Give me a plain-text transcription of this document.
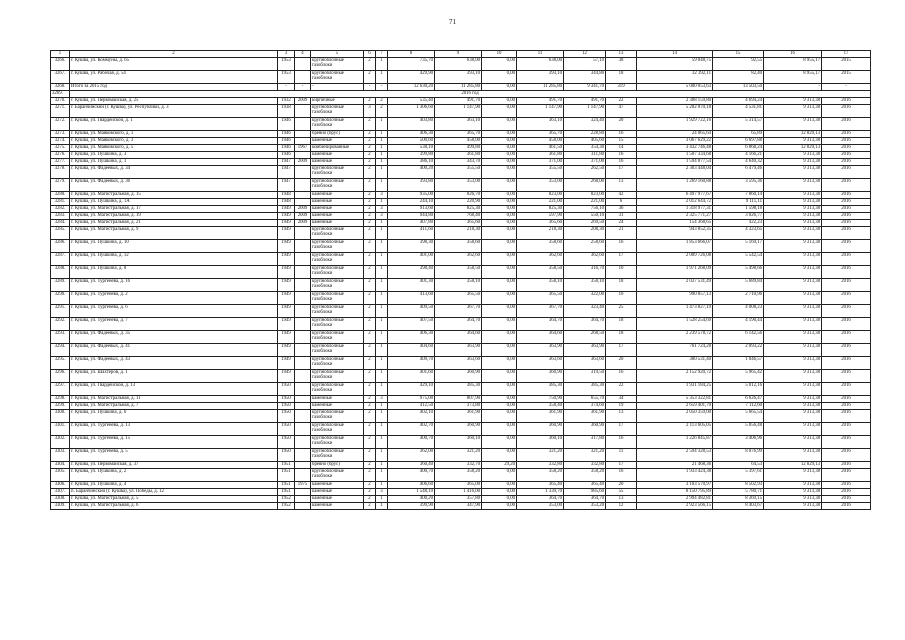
71
1	2	3	4	5	6	7	8	9	10	11	12	13	14	15	16	17
3266.	г. Кушва, ул. Коммуны, д. 65	1953		крупноблочные газоблоки	2	1	735,70	638,00	0,00	638,00	57,10	38	59 048,75	92,55	8 955,17	2015
3267.	г. Кушва, ул. Рабочая, д. 54	1953		крупноблочные газоблоки	2	1	429,90	393,10	0,00	393,10	344,80	18	32 392,11	82,40	8 955,17	2015
3268.	Итого за 2015 год	-	-	-	-	-	12 630,20	11 285,80	0,00	11 285,80	9 341,70	319	5 000 053,63	13 503,50	-	-
3269.	2016 год															
3270.	г. Кушва, ул. Первомайская, д. 25	1932	2009	кирпичные	2	2	535,40	491,70	0,00	491,70	491,70	22	2 308 159,80	4 694,24	9 313,38	2016
3271.	г. Баранчинский (г. Кушва), ул. Республики, д. 3	1938		крупноблочные газоблоки	3	2	1 306,60	1 147,90	0,00	1 147,90	1 147,90	47	5 202 070,18	4 531,81	9 313,38	2016
3272.	г. Кушва, ул. Гвардейской, д. 1	1946		крупноблочные газоблоки	2	1	403,80	363,10	0,00	363,10	324,40	20	1 929 722,16	5 314,57	9 313,38	2016
3273.	г. Кушва, ул. Маяковского, д. 1	1946		бревно (брус)	2	1	406,30	365,70	0,00	365,70	228,80	16	24 065,64	65,89	12 829,13	2016
3274.	г. Кушва, ул. Маяковского, д. 3	1946		каменные	2	1	500,60	458,00	0,00	458,00	405,60	15	3 067 629,22	6 697,88	9 313,38	2016
3275.	г. Кушва, ул. Маяковского, д. 5	1946	1967	комбинированные	2	1	538,10	499,80	0,00	461,50	354,30	14	3 432 746,48	6 868,24	12 829,13	2016
3276.	г. Кушва, ул. Пушкина, д. 3	1946		каменные	2	1	399,80	361,80	0,00	361,80	311,80	16	1 507 334,68	4 166,21	9 313,38	2016
3277.	г. Кушва, ул. Пушкина, д. 1	1947	2009	каменные	2	1	386,10	343,70	0,00	371,00	371,00	16	1 594 877,54	4 640,32	9 313,38	2016
3278.	г. Кушва, ул. Фадеевых, д. 34	1947		крупноблочные газоблоки	2	1	400,20	355,50	0,00	355,50	262,50	17	2 303 448,04	6 479,46	9 313,38	2016
3279.	г. Кушва, ул. Фадеевых, д. 36	1947		крупноблочные газоблоки	2	1	393,80	353,00	0,00	353,00	268,00	13	1 269 160,88	3 595,36	9 313,38	2016
3280.	г. Кушва, ул. Магистральная, д. 15	1948		каменные	2	3	935,00	826,70	0,00	823,00	823,00	42	6 497 977,67	7 860,14	9 313,38	2016
3281.	г. Кушва, ул. Пушкина, д. 1А	1948		каменные	2	1	244,10	220,90	0,00	221,00	221,00	6	2 012 644,72	9 111,11	9 313,38	2016
3282.	г. Кушва, ул. Магистральная, д. 17	1949	2009	каменные	2	3	913,60	825,30	0,00	825,30	756,10	36	1 318 977,31	1 598,18	9 313,38	2016
3283.	г. Кушва, ул. Магистральная, д. 19	1949	2009	каменные	2	3	944,80	768,40	0,00	597,90	550,10	31	2 325 771,27	3 026,77	9 313,38	2016
3284.	г. Кушва, ул. Магистральная, д. 21	1949	2009	каменные	2	1	407,80	365,60	0,00	365,60	269,50	24	154 368,65	422,23	9 313,38	2016
3285.	г. Кушва, ул. Магистральная, д. 9	1949		крупноблочные газоблоки	2	1	411,60	218,30	0,00	218,30	208,30	21	943 852,35	4 323,65	9 313,38	2016
3286.	г. Кушва, ул. Пушкина, д. 10	1949		крупноблочные газоблоки	2	1	398,30	358,60	0,00	358,60	258,60	16	1 853 666,07	5 169,17	9 313,38	2016
3287.	г. Кушва, ул. Пушкина, д. 12	1949		крупноблочные газоблоки	2	1	401,00	362,60	0,00	362,60	362,60	17	2 009 726,08	5 542,54	9 313,38	2016
3288.	г. Кушва, ул. Пушкина, д. 8	1949		крупноблочные газоблоки	2	1	398,40	358,50	0,00	358,50	316,70	10	1 971 268,09	5 498,66	9 313,38	2016
3289.	г. Кушва, ул. Тургенева, д. 16	1949		крупноблочные газоблоки	2	1	401,30	358,10	0,00	358,10	358,10	18	2 037 531,49	5 689,84	9 313,38	2016
3290.	г. Кушва, ул. Тургенева, д. 2	1949		крупноблочные газоблоки	2	1	413,60	365,50	0,00	365,50	322,00	10	990 857,13	2 710,96	9 313,38	2016
3291.	г. Кушва, ул. Тургенева, д. 6	1949		крупноблочные газоблоки	2	1	409,50	367,70	0,00	367,70	323,40	25	1 473 827,19	4 008,23	9 313,38	2016
3292.	г. Кушва, ул. Тургенева, д. 7	1949		крупноблочные газоблоки	2	1	407,50	364,70	0,00	364,70	364,70	18	1 528 254,69	4 190,44	9 313,38	2016
3293.	г. Кушва, ул. Фадеевых, д. 35	1949		крупноблочные газоблоки	2	1	406,30	364,60	0,00	364,60	268,50	18	2 239 578,72	6 142,56	9 313,38	2016
3294.	г. Кушва, ул. Фадеевых, д. 41	1949		крупноблочные газоблоки	2	1	404,60	363,90	0,00	363,90	363,90	17	761 724,28	2 093,22	9 313,38	2016
3295.	г. Кушва, ул. Фадеевых, д. 43	1949		крупноблочные газоблоки	2	1	409,70	363,60	0,00	363,60	363,60	20	380 531,40	1 046,57	9 313,38	2016
3296.	г. Кушва, ул. Шахтеров, д. 1	1949		крупноблочные газоблоки	2	1	401,60	360,90	0,00	360,90	319,50	16	2 152 920,72	5 965,42	9 313,38	2016
3297.	г. Кушва, ул. Гвардейской, д. 13	1950		крупноблочные газоблоки	2	1	429,10	385,30	0,00	385,30	385,30	22	1 931 184,25	5 012,16	9 313,38	2016
3298.	г. Кушва, ул. Магистральная, д. 11	1950		каменные	2	3	975,00	807,90	0,00	750,90	655,70	34	5 353 322,81	6 626,47	9 313,38	2016
3299.	г. Кушва, ул. Магистральная, д. 7	1950		каменные	2	1	412,50	373,80	0,00	358,40	374,60	19	2 659 401,70	7 112,60	9 313,38	2016
3300.	г. Кушва, ул. Пушкина, д. 6	1950		крупноблочные газоблоки	2	1	402,10	361,90	0,00	361,90	361,90	13	2 050 359,00	5 665,54	9 313,38	2016
3301.	г. Кушва, ул. Тургенева, д. 13	1950		крупноблочные газоблоки	2	1	402,70	360,90	0,00	360,90	360,90	17	2 113 605,05	5 856,48	9 313,38	2016
3302.	г. Кушва, ул. Тургенева, д. 15	1950		крупноблочные газоблоки	2	1	400,70	360,10	0,00	360,10	317,80	16	1 226 845,87	3 406,96	9 313,38	2016
3303.	г. Кушва, ул. Тургенева, д. 5	1950		крупноблочные газоблоки	2	1	362,00	321,20	0,00	321,20	321,20	11	2 594 328,53	8 076,99	9 313,38	2016
3304.	г. Кушва, ул. Первомайская, д. 37	1951		бревно (брус)	2	1	360,40	332,70	29,20	332,80	332,80	17	21 468,36	64,53	12 829,13	2016
3305.	г. Кушва, ул. Пушкина, д. 2	1951		крупноблочные газоблоки	2	1	400,70	358,20	0,00	358,20	358,20	16	1 933 424,38	5 397,61	9 313,38	2016
3306.	г. Кушва, ул. Пушкина, д. 4	1951	1975	каменные	2	1	406,60	365,00	0,00	365,40	365,40	20	3 103 570,97	8 502,93	9 313,38	2016
3307.	п. Баранчинский (г. Кушва), ул. Победы, д. 12	1951		каменные	2	3	1 548,10	1 416,00	0,00	1 339,70	985,60	55	8 150 795,89	5 780,71	9 313,38	2016
3308.	г. Кушва, ул. Магистральная, д. 5	1952		каменные	2	1	400,20	357,80	0,00	364,70	364,70	13	2 994 482,81	8 369,15	9 313,38	2016
3309.	г. Кушва, ул. Магистральная, д. 6	1952		каменные	2	1	399,90	347,90	0,00	353,00	353,20	12	2 923 566,15	8 403,67	9 313,38	2016
